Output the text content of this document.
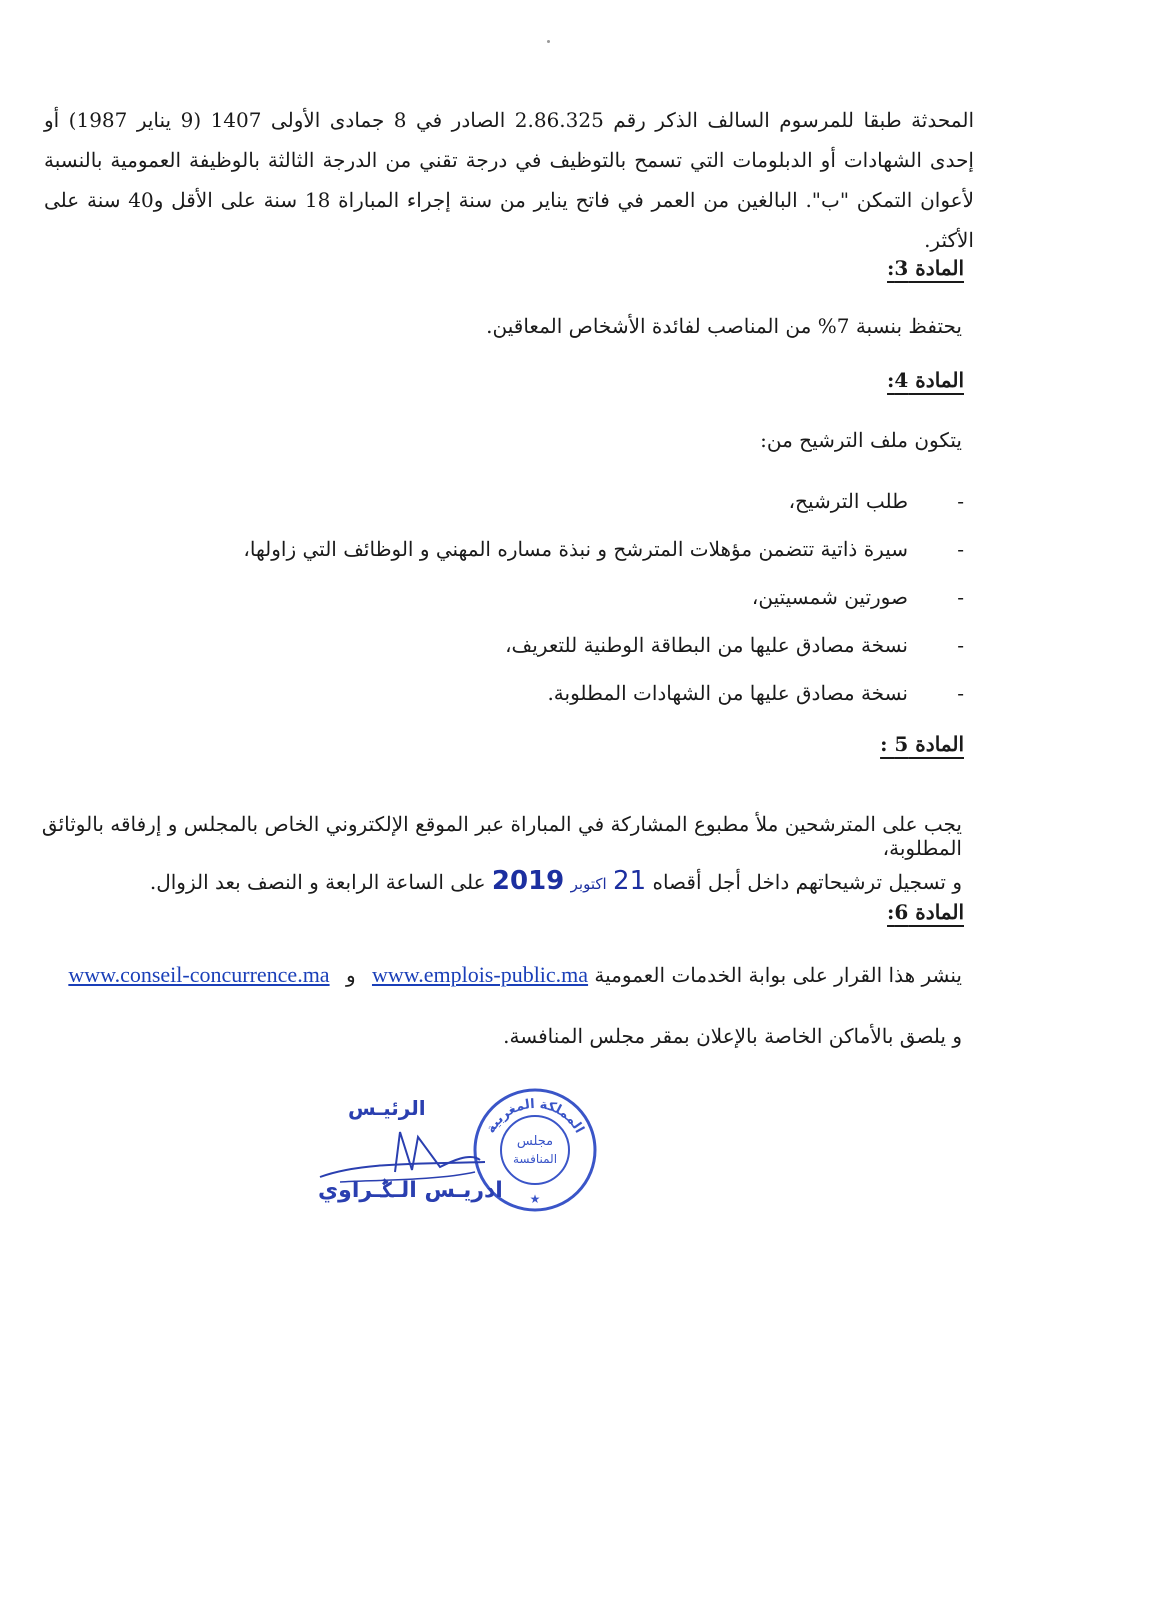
المحدثة طبقا للمرسوم السالف الذكر رقم 2.86.325 الصادر في 8 جمادى الأولى 1407 (9 يناير 1987) أو إحدى الشهادات أو الدبلومات التي تسمح بالتوظيف في درجة تقني من الدرجة الثالثة بالوظيفة العمومية بالنسبة لأعوان التمكن "ب". البالغين من العمر في فاتح يناير من سنة إجراء المباراة 18 سنة على الأقل و40 سنة على الأكثر.

المادة 3:
يحتفظ بنسبة 7% من المناصب لفائدة الأشخاص المعاقين.
المادة 4:
يتكون ملف الترشيح من:
-
طلب الترشيح،
-
سيرة ذاتية تتضمن مؤهلات المترشح و نبذة مساره المهني و الوظائف التي زاولها،
-
صورتين شمسيتين،
-
نسخة مصادق عليها من البطاقة الوطنية للتعريف،
-
نسخة مصادق عليها من الشهادات المطلوبة.
المادة 5 :
يجب على المترشحين ملأ مطبوع المشاركة في المباراة عبر الموقع الإلكتروني الخاص بالمجلس و إرفاقه بالوثائق المطلوبة،
و تسجيل ترشيحاتهم داخل أجل أقصاه 21 اكتوبر 2019 على الساعة الرابعة و النصف بعد الزوال.
المادة 6:
ينشر هذا القرار على بوابة الخدمات العمومية www.emplois-public.ma و www.conseil-concurrence.ma
و يلصق بالأماكن الخاصة بالإعلان بمقر مجلس المنافسة.
المملكة المغربية
مجلس
المنافسة
★
الرئيـس
ادريـس الـݣـراوي
